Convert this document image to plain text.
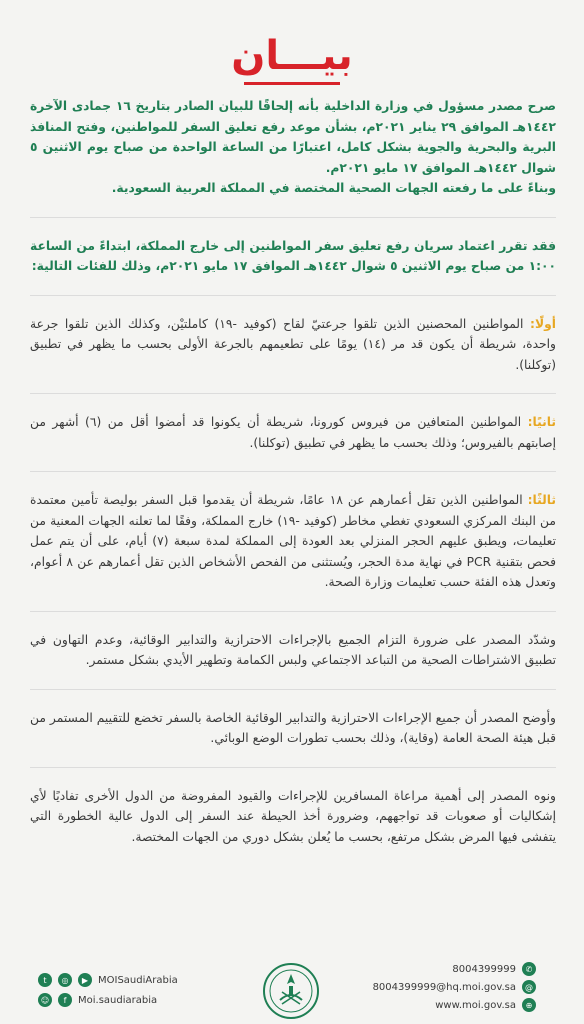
بيـــان

صرح مصدر مسؤول في وزارة الداخلية بأنه إلحاقًا للبيان الصادر بتاريخ ١٦ جمادى الآخرة ١٤٤٢هـ الموافق ٢٩ يناير ٢٠٢١م، بشأن موعد رفع تعليق السفر للمواطنين، وفتح المنافذ البرية والبحرية والجوية بشكل كامل، اعتبارًا من الساعة الواحدة من صباح يوم الاثنين ٥ شوال ١٤٤٢هـ الموافق ١٧ مايو ٢٠٢١م.
وبناءً على ما رفعته الجهات الصحية المختصة في المملكة العربية السعودية.

فقد تقرر اعتماد سريان رفع تعليق سفر المواطنين إلى خارج المملكة، ابتداءً من الساعة ١:٠٠ من صباح يوم الاثنين ٥ شوال ١٤٤٢هـ الموافق ١٧ مايو ٢٠٢١م، وذلك للفئات التالية:

أولًا: المواطنين المحصنين الذين تلقوا جرعتيّ لقاح (كوفيد -١٩) كاملتيْن، وكذلك الذين تلقوا جرعة واحدة، شريطة أن يكون قد مر (١٤) يومًا على تطعيمهم بالجرعة الأولى بحسب ما يظهر في تطبيق (توكلنا).

ثانيًا: المواطنين المتعافين من فيروس كورونا، شريطة أن يكونوا قد أمضوا أقل من (٦) أشهر من إصابتهم بالفيروس؛ وذلك بحسب ما يظهر في تطبيق (توكلنا).

ثالثًا: المواطنين الذين تقل أعمارهم عن ١٨ عامًا، شريطة أن يقدموا قبل السفر بوليصة تأمين معتمدة من البنك المركزي السعودي تغطي مخاطر (كوفيد -١٩) خارج المملكة، وفقًا لما تعلنه الجهات المعنية من تعليمات، ويطبق عليهم الحجر المنزلي بعد العودة إلى المملكة لمدة سبعة (٧) أيام، على أن يتم عمل فحص بتقنية PCR في نهاية مدة الحجر، ويُستثنى من الفحص الأشخاص الذين تقل أعمارهم عن ٨ أعوام، وتعدل هذه الفئة حسب تعليمات وزارة الصحة.

وشدّد المصدر على ضرورة التزام الجميع بالإجراءات الاحترازية والتدابير الوقائية، وعدم التهاون في تطبيق الاشتراطات الصحية من التباعد الاجتماعي ولبس الكمامة وتطهير الأيدي بشكل مستمر.

وأوضح المصدر أن جميع الإجراءات الاحترازية والتدابير الوقائية الخاصة بالسفر تخضع للتقييم المستمر من قبل هيئة الصحة العامة (وقاية)، وذلك بحسب تطورات الوضع الوبائي.

ونوه المصدر إلى أهمية مراعاة المسافرين للإجراءات والقيود المفروضة من الدول الأخرى تفاديًا لأي إشكاليات أو صعوبات قد تواجههم، وضرورة أخذ الحيطة عند السفر إلى الدول عالية الخطورة التي يتفشى فيها المرض بشكل مرتفع، بحسب ما يُعلن بشكل دوري من الجهات المختصة.

t	◎	▶ MOISaudiArabia
☺	f	Moi.saudiarabia
8004399999	✆
8004399999@hq.moi.gov.sa	@
www.moi.gov.sa	⊕
